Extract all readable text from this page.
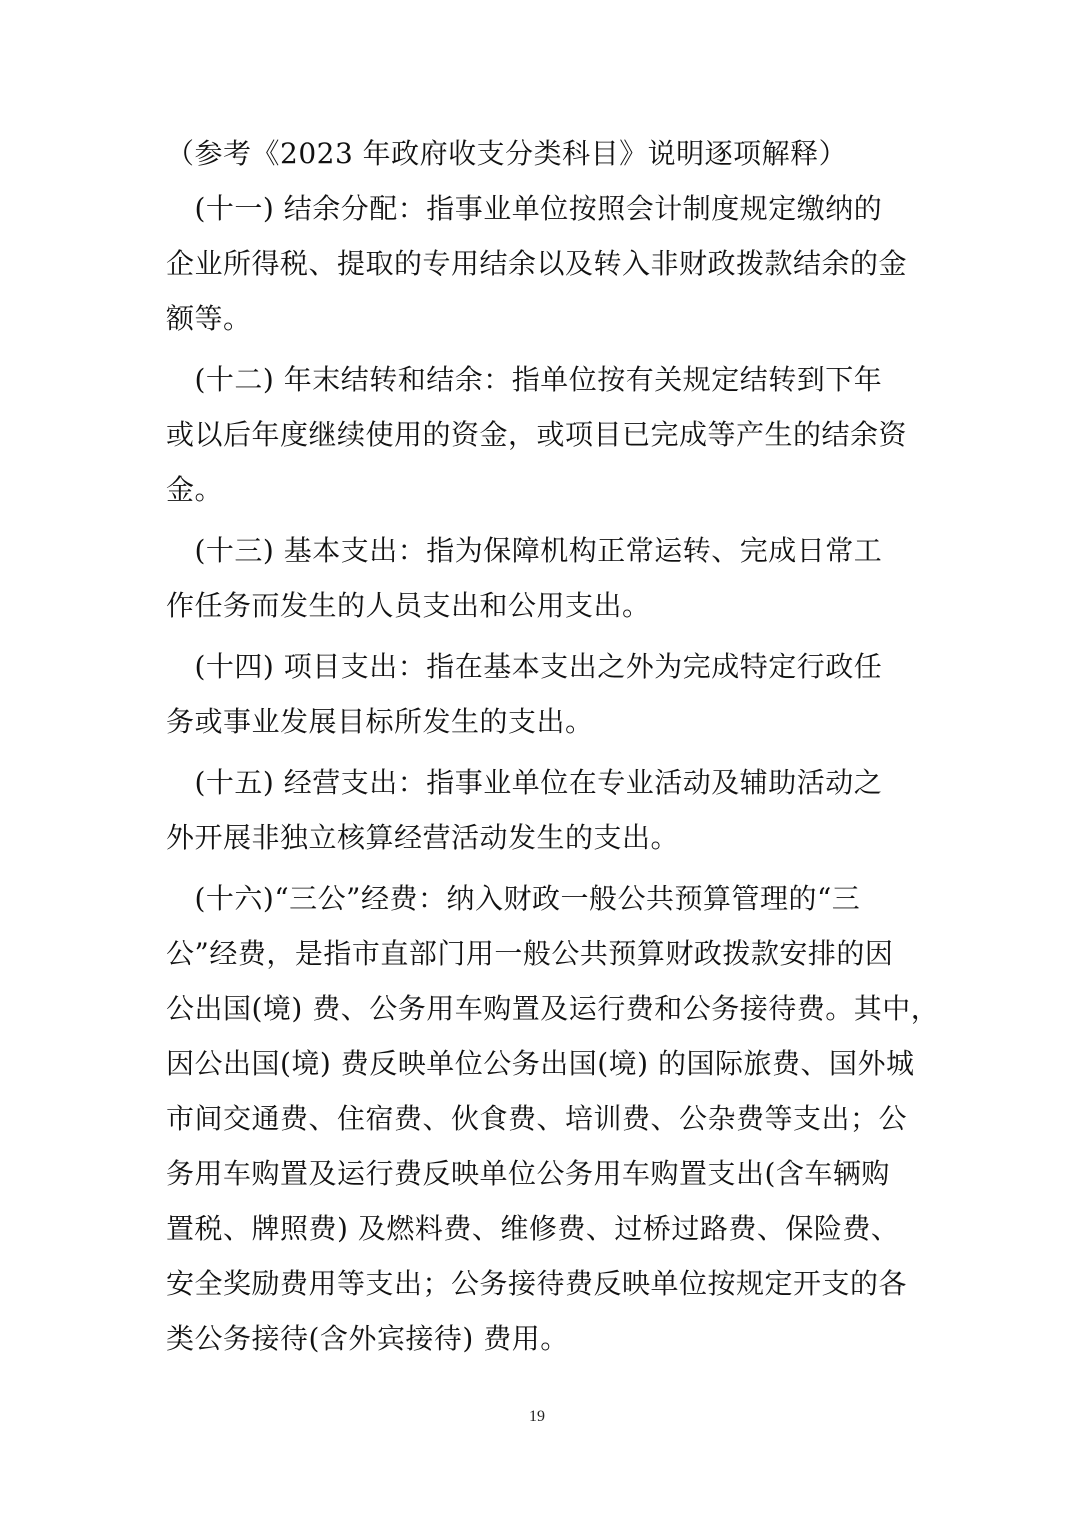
（参考《2023 年政府收支分类科目》说明逐项解释）
　(十一) 结余分配：指事业单位按照会计制度规定缴纳的
企业所得税、提取的专用结余以及转入非财政拨款结余的金
额等。
　(十二) 年末结转和结余：指单位按有关规定结转到下年
或以后年度继续使用的资金，或项目已完成等产生的结余资
金。
　(十三) 基本支出：指为保障机构正常运转、完成日常工
作任务而发生的人员支出和公用支出。
　(十四) 项目支出：指在基本支出之外为完成特定行政任
务或事业发展目标所发生的支出。
　(十五) 经营支出：指事业单位在专业活动及辅助活动之
外开展非独立核算经营活动发生的支出。
　(十六)“三公”经费：纳入财政一般公共预算管理的“三
公”经费，是指市直部门用一般公共预算财政拨款安排的因
公出国(境) 费、公务用车购置及运行费和公务接待费。其中，
因公出国(境) 费反映单位公务出国(境) 的国际旅费、国外城
市间交通费、住宿费、伙食费、培训费、公杂费等支出；公
务用车购置及运行费反映单位公务用车购置支出(含车辆购
置税、牌照费) 及燃料费、维修费、过桥过路费、保险费、
安全奖励费用等支出；公务接待费反映单位按规定开支的各
类公务接待(含外宾接待) 费用。
19
